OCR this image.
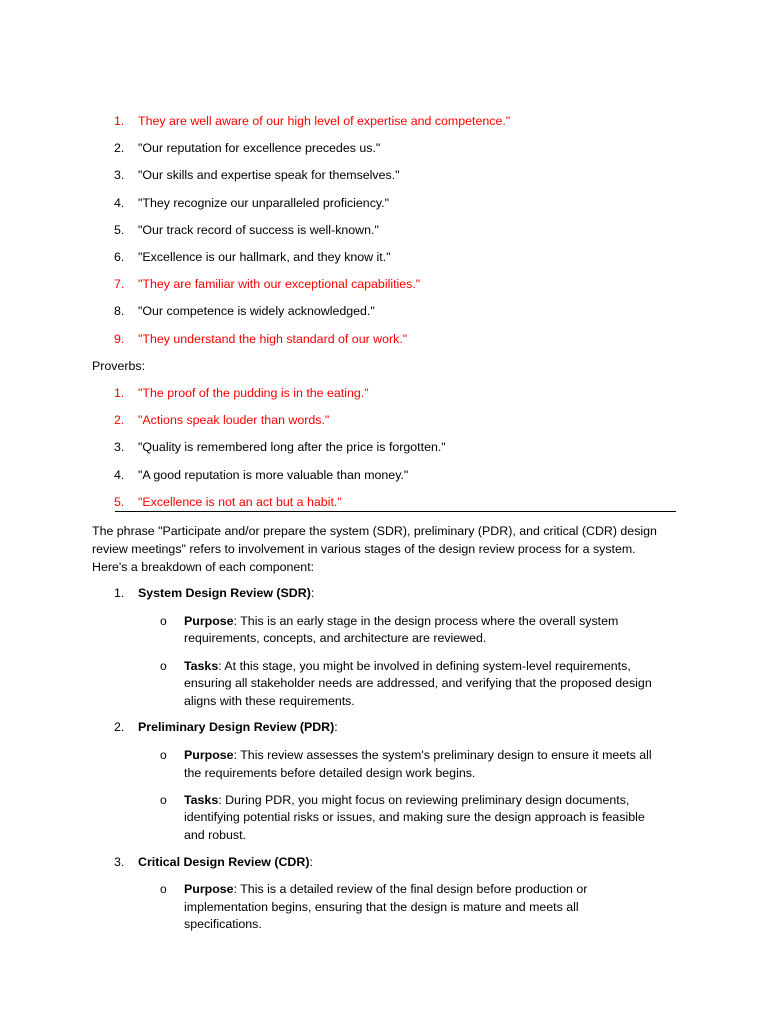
1.	They are well aware of our high level of expertise and competence."
2.	"Our reputation for excellence precedes us."
3.	"Our skills and expertise speak for themselves."
4.	"They recognize our unparalleled proficiency."
5.	"Our track record of success is well-known."
6.	"Excellence is our hallmark, and they know it."
7.	"They are familiar with our exceptional capabilities."
8.	"Our competence is widely acknowledged."
9.	"They understand the high standard of our work."
Proverbs:
1.	"The proof of the pudding is in the eating."
2.	"Actions speak louder than words."
3.	"Quality is remembered long after the price is forgotten."
4.	"A good reputation is more valuable than money."
5.	"Excellence is not an act but a habit."
The phrase "Participate and/or prepare the system (SDR), preliminary (PDR), and critical (CDR) design
review meetings" refers to involvement in various stages of the design review process for a system.
Here's a breakdown of each component:
1.	System Design Review (SDR):
o Purpose: This is an early stage in the design process where the overall system
requirements, concepts, and architecture are reviewed.
o Tasks: At this stage, you might be involved in defining system-level requirements,
ensuring all stakeholder needs are addressed, and verifying that the proposed design
aligns with these requirements.
2.	Preliminary Design Review (PDR):
o Purpose: This review assesses the system's preliminary design to ensure it meets all
the requirements before detailed design work begins.
o Tasks: During PDR, you might focus on reviewing preliminary design documents,
identifying potential risks or issues, and making sure the design approach is feasible
and robust.
3.	Critical Design Review (CDR):
o Purpose: This is a detailed review of the final design before production or
implementation begins, ensuring that the design is mature and meets all
specifications.
